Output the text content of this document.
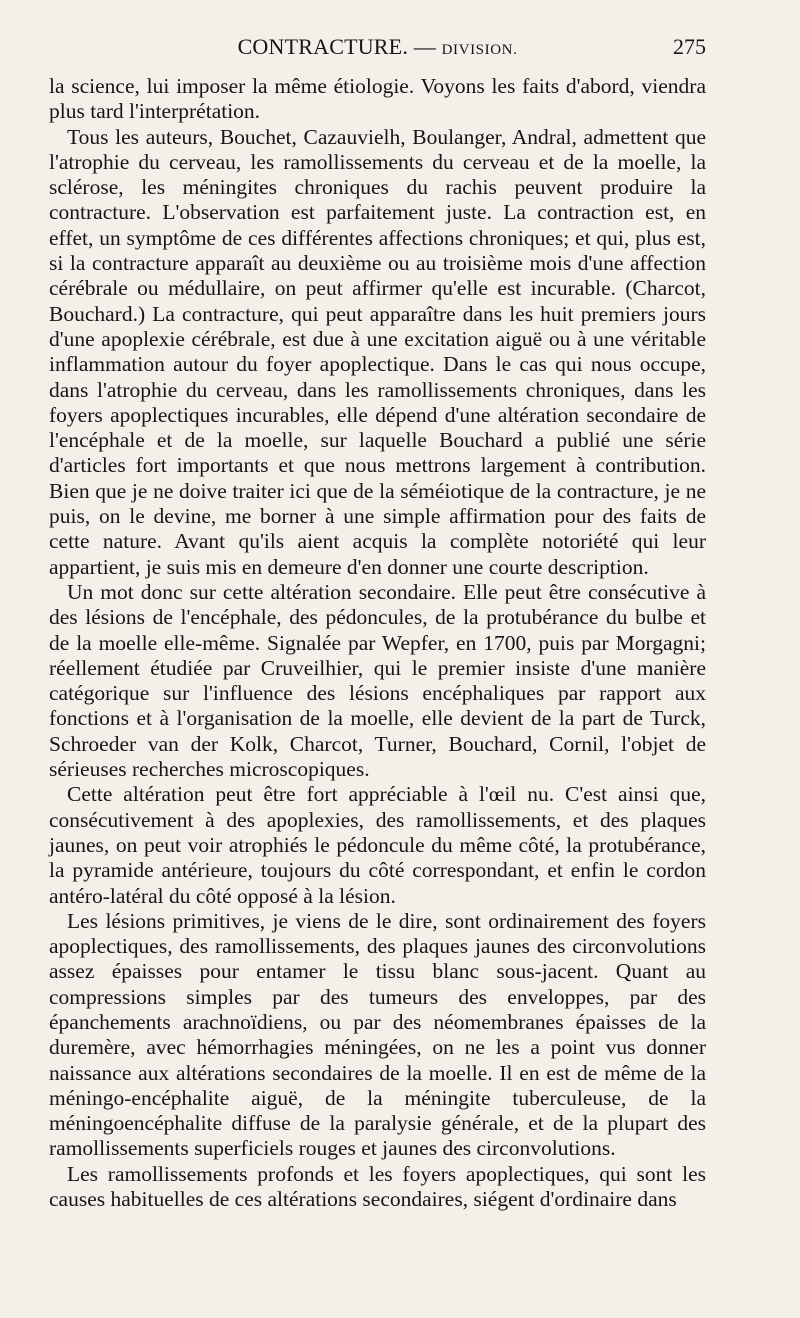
CONTRACTURE. — DIVISION.	275

la science, lui imposer la même étiologie. Voyons les faits d'abord, viendra plus tard l'interprétation.

Tous les auteurs, Bouchet, Cazauvielh, Boulanger, Andral, admettent que l'atrophie du cerveau, les ramollissements du cerveau et de la moelle, la sclérose, les méningites chroniques du rachis peuvent produire la contracture. L'observation est parfaitement juste. La contraction est, en effet, un symptôme de ces différentes affections chroniques; et qui, plus est, si la contracture apparaît au deuxième ou au troisième mois d'une affection cérébrale ou médullaire, on peut affirmer qu'elle est incurable. (Charcot, Bouchard.) La contracture, qui peut apparaître dans les huit premiers jours d'une apoplexie cérébrale, est due à une excitation aiguë ou à une véritable inflammation autour du foyer apoplectique. Dans le cas qui nous occupe, dans l'atrophie du cerveau, dans les ramollissements chroniques, dans les foyers apoplectiques incurables, elle dépend d'une altération secondaire de l'encéphale et de la moelle, sur laquelle Bouchard a publié une série d'articles fort importants et que nous mettrons largement à contribution. Bien que je ne doive traiter ici que de la séméiotique de la contracture, je ne puis, on le devine, me borner à une simple affirmation pour des faits de cette nature. Avant qu'ils aient acquis la complète notoriété qui leur appartient, je suis mis en demeure d'en donner une courte description.

Un mot donc sur cette altération secondaire. Elle peut être consécutive à des lésions de l'encéphale, des pédoncules, de la protubérance du bulbe et de la moelle elle-même. Signalée par Wepfer, en 1700, puis par Morgagni; réellement étudiée par Cruveilhier, qui le premier insiste d'une manière catégorique sur l'influence des lésions encéphaliques par rapport aux fonctions et à l'organisation de la moelle, elle devient de la part de Turck, Schroeder van der Kolk, Charcot, Turner, Bouchard, Cornil, l'objet de sérieuses recherches microscopiques.

Cette altération peut être fort appréciable à l'œil nu. C'est ainsi que, consécutivement à des apoplexies, des ramollissements, et des plaques jaunes, on peut voir atrophiés le pédoncule du même côté, la protubérance, la pyramide antérieure, toujours du côté correspondant, et enfin le cordon antéro-latéral du côté opposé à la lésion.

Les lésions primitives, je viens de le dire, sont ordinairement des foyers apoplectiques, des ramollissements, des plaques jaunes des circonvolutions assez épaisses pour entamer le tissu blanc sous-jacent. Quant au compressions simples par des tumeurs des enveloppes, par des épanchements arachnoïdiens, ou par des néomembranes épaisses de la duremère, avec hémorrhagies méningées, on ne les a point vus donner naissance aux altérations secondaires de la moelle. Il en est de même de la méningo-encéphalite aiguë, de la méningite tuberculeuse, de la méningoencéphalite diffuse de la paralysie générale, et de la plupart des ramollissements superficiels rouges et jaunes des circonvolutions.

Les ramollissements profonds et les foyers apoplectiques, qui sont les causes habituelles de ces altérations secondaires, siégent d'ordinaire dans
